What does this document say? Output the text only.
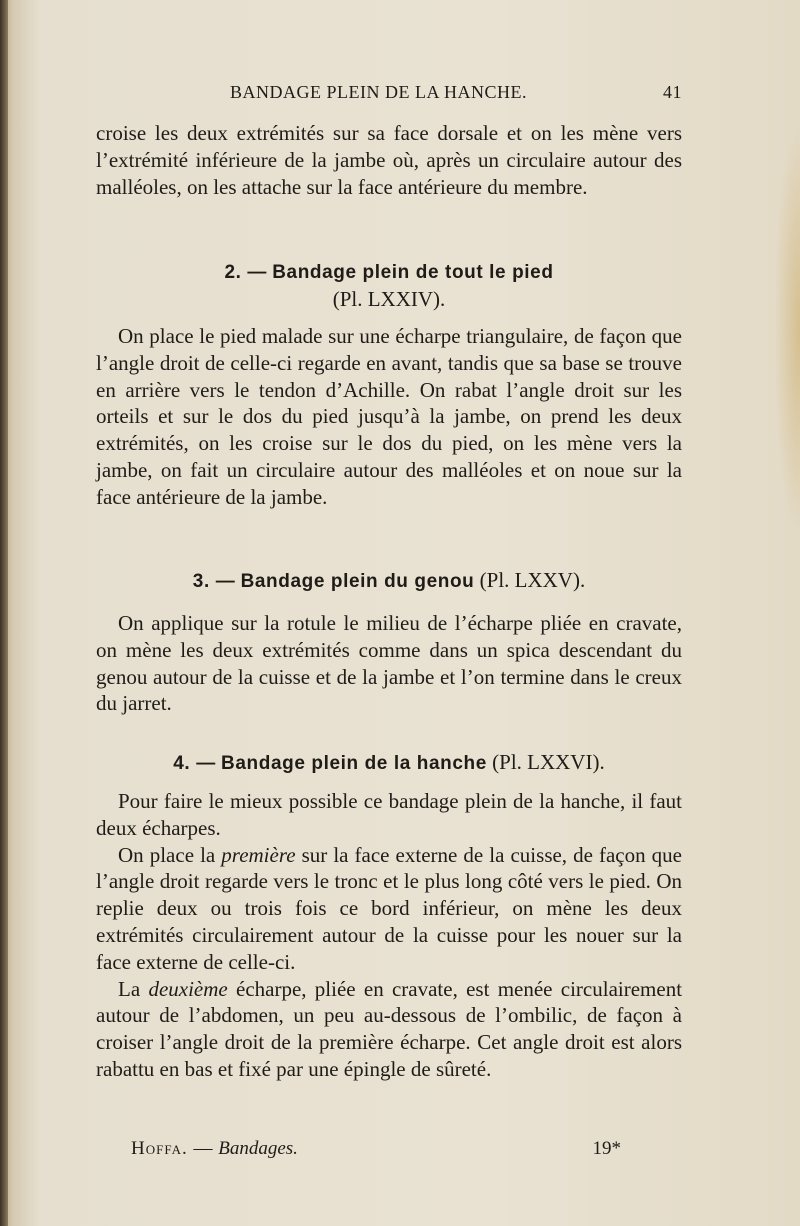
BANDAGE PLEIN DE LA HANCHE.	41

croise les deux extrémités sur sa face dorsale et on les mène vers l’extrémité inférieure de la jambe où, après un circulaire autour des malléoles, on les attache sur la face antérieure du membre.

2. — Bandage plein de tout le pied
(Pl. LXXIV).

On place le pied malade sur une écharpe triangulaire, de façon que l’angle droit de celle-ci regarde en avant, tandis que sa base se trouve en arrière vers le tendon d’Achille. On rabat l’angle droit sur les orteils et sur le dos du pied jusqu’à la jambe, on prend les deux extrémités, on les croise sur le dos du pied, on les mène vers la jambe, on fait un circulaire autour des malléoles et on noue sur la face antérieure de la jambe.

3. — Bandage plein du genou (Pl. LXXV).

On applique sur la rotule le milieu de l’écharpe pliée en cravate, on mène les deux extrémités comme dans un spica descendant du genou autour de la cuisse et de la jambe et l’on termine dans le creux du jarret.

4. — Bandage plein de la hanche (Pl. LXXVI).

Pour faire le mieux possible ce bandage plein de la hanche, il faut deux écharpes.

On place la première sur la face externe de la cuisse, de façon que l’angle droit regarde vers le tronc et le plus long côté vers le pied. On replie deux ou trois fois ce bord inférieur, on mène les deux extrémités circulairement autour de la cuisse pour les nouer sur la face externe de celle-ci.

La deuxième écharpe, pliée en cravate, est menée circulairement autour de l’abdomen, un peu au-dessous de l’ombilic, de façon à croiser l’angle droit de la première écharpe. Cet angle droit est alors rabattu en bas et fixé par une épingle de sûreté.

Hoffa. — Bandages.	19*
